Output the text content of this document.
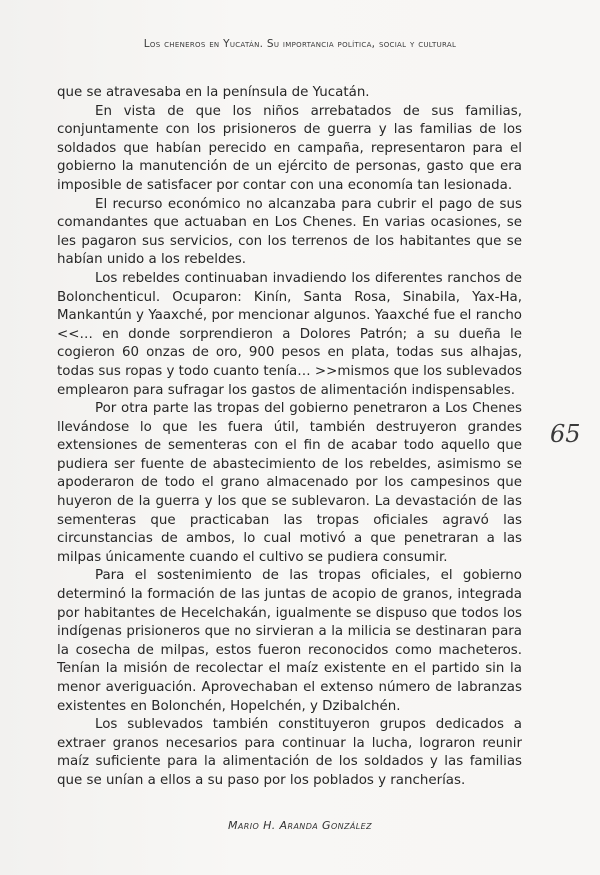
Los cheneros en Yucatán. Su importancia política, social y cultural

que se atravesaba en la península de Yucatán.

En vista de que los niños arrebatados de sus familias, conjuntamente con los prisioneros de guerra y las familias de los soldados que habían perecido en campaña, representaron para el gobierno la manutención de un ejército de personas, gasto que era imposible de satisfacer por contar con una economía tan lesionada.

El recurso económico no alcanzaba para cubrir el pago de sus comandantes que actuaban en Los Chenes. En varias ocasiones, se les pagaron sus servicios, con los terrenos de los habitantes que se habían unido a los rebeldes.

Los rebeldes continuaban invadiendo los diferentes ranchos de Bolonchenticul. Ocuparon: Kinín, Santa Rosa, Sinabila, Yax-Ha, Mankantún y Yaaxché, por mencionar algunos. Yaaxché fue el rancho <<… en donde sorprendieron a Dolores Patrón; a su dueña le cogieron 60 onzas de oro, 900 pesos en plata, todas sus alhajas, todas sus ropas y todo cuanto tenía… >>mismos que los sublevados emplearon para sufragar los gastos de alimentación indispensables.

Por otra parte las tropas del gobierno penetraron a Los Chenes llevándose lo que les fuera útil, también destruyeron grandes extensiones de sementeras con el fin de acabar todo aquello que pudiera ser fuente de abastecimiento de los rebeldes, asimismo se apoderaron de todo el grano almacenado por los campesinos que huyeron de la guerra y los que se sublevaron. La devastación de las sementeras que practicaban las tropas oficiales agravó las circunstancias de ambos, lo cual motivó a que penetraran a las milpas únicamente cuando el cultivo se pudiera consumir.

Para el sostenimiento de las tropas oficiales, el gobierno determinó la formación de las juntas de acopio de granos, integrada por habitantes de Hecelchakán, igualmente se dispuso que todos los indígenas prisioneros que no sirvieran a la milicia se destinaran para la cosecha de milpas, estos fueron reconocidos como macheteros. Tenían la misión de recolectar el maíz existente en el partido sin la menor averiguación. Aprovechaban el extenso número de labranzas existentes en Bolonchén, Hopelchén, y Dzibalchén.

Los sublevados también constituyeron grupos dedicados a extraer granos necesarios para continuar la lucha, lograron reunir maíz suficiente para la alimentación de los soldados y las familias que se unían a ellos a su paso por los poblados y rancherías.

65
Mario H. Aranda González
